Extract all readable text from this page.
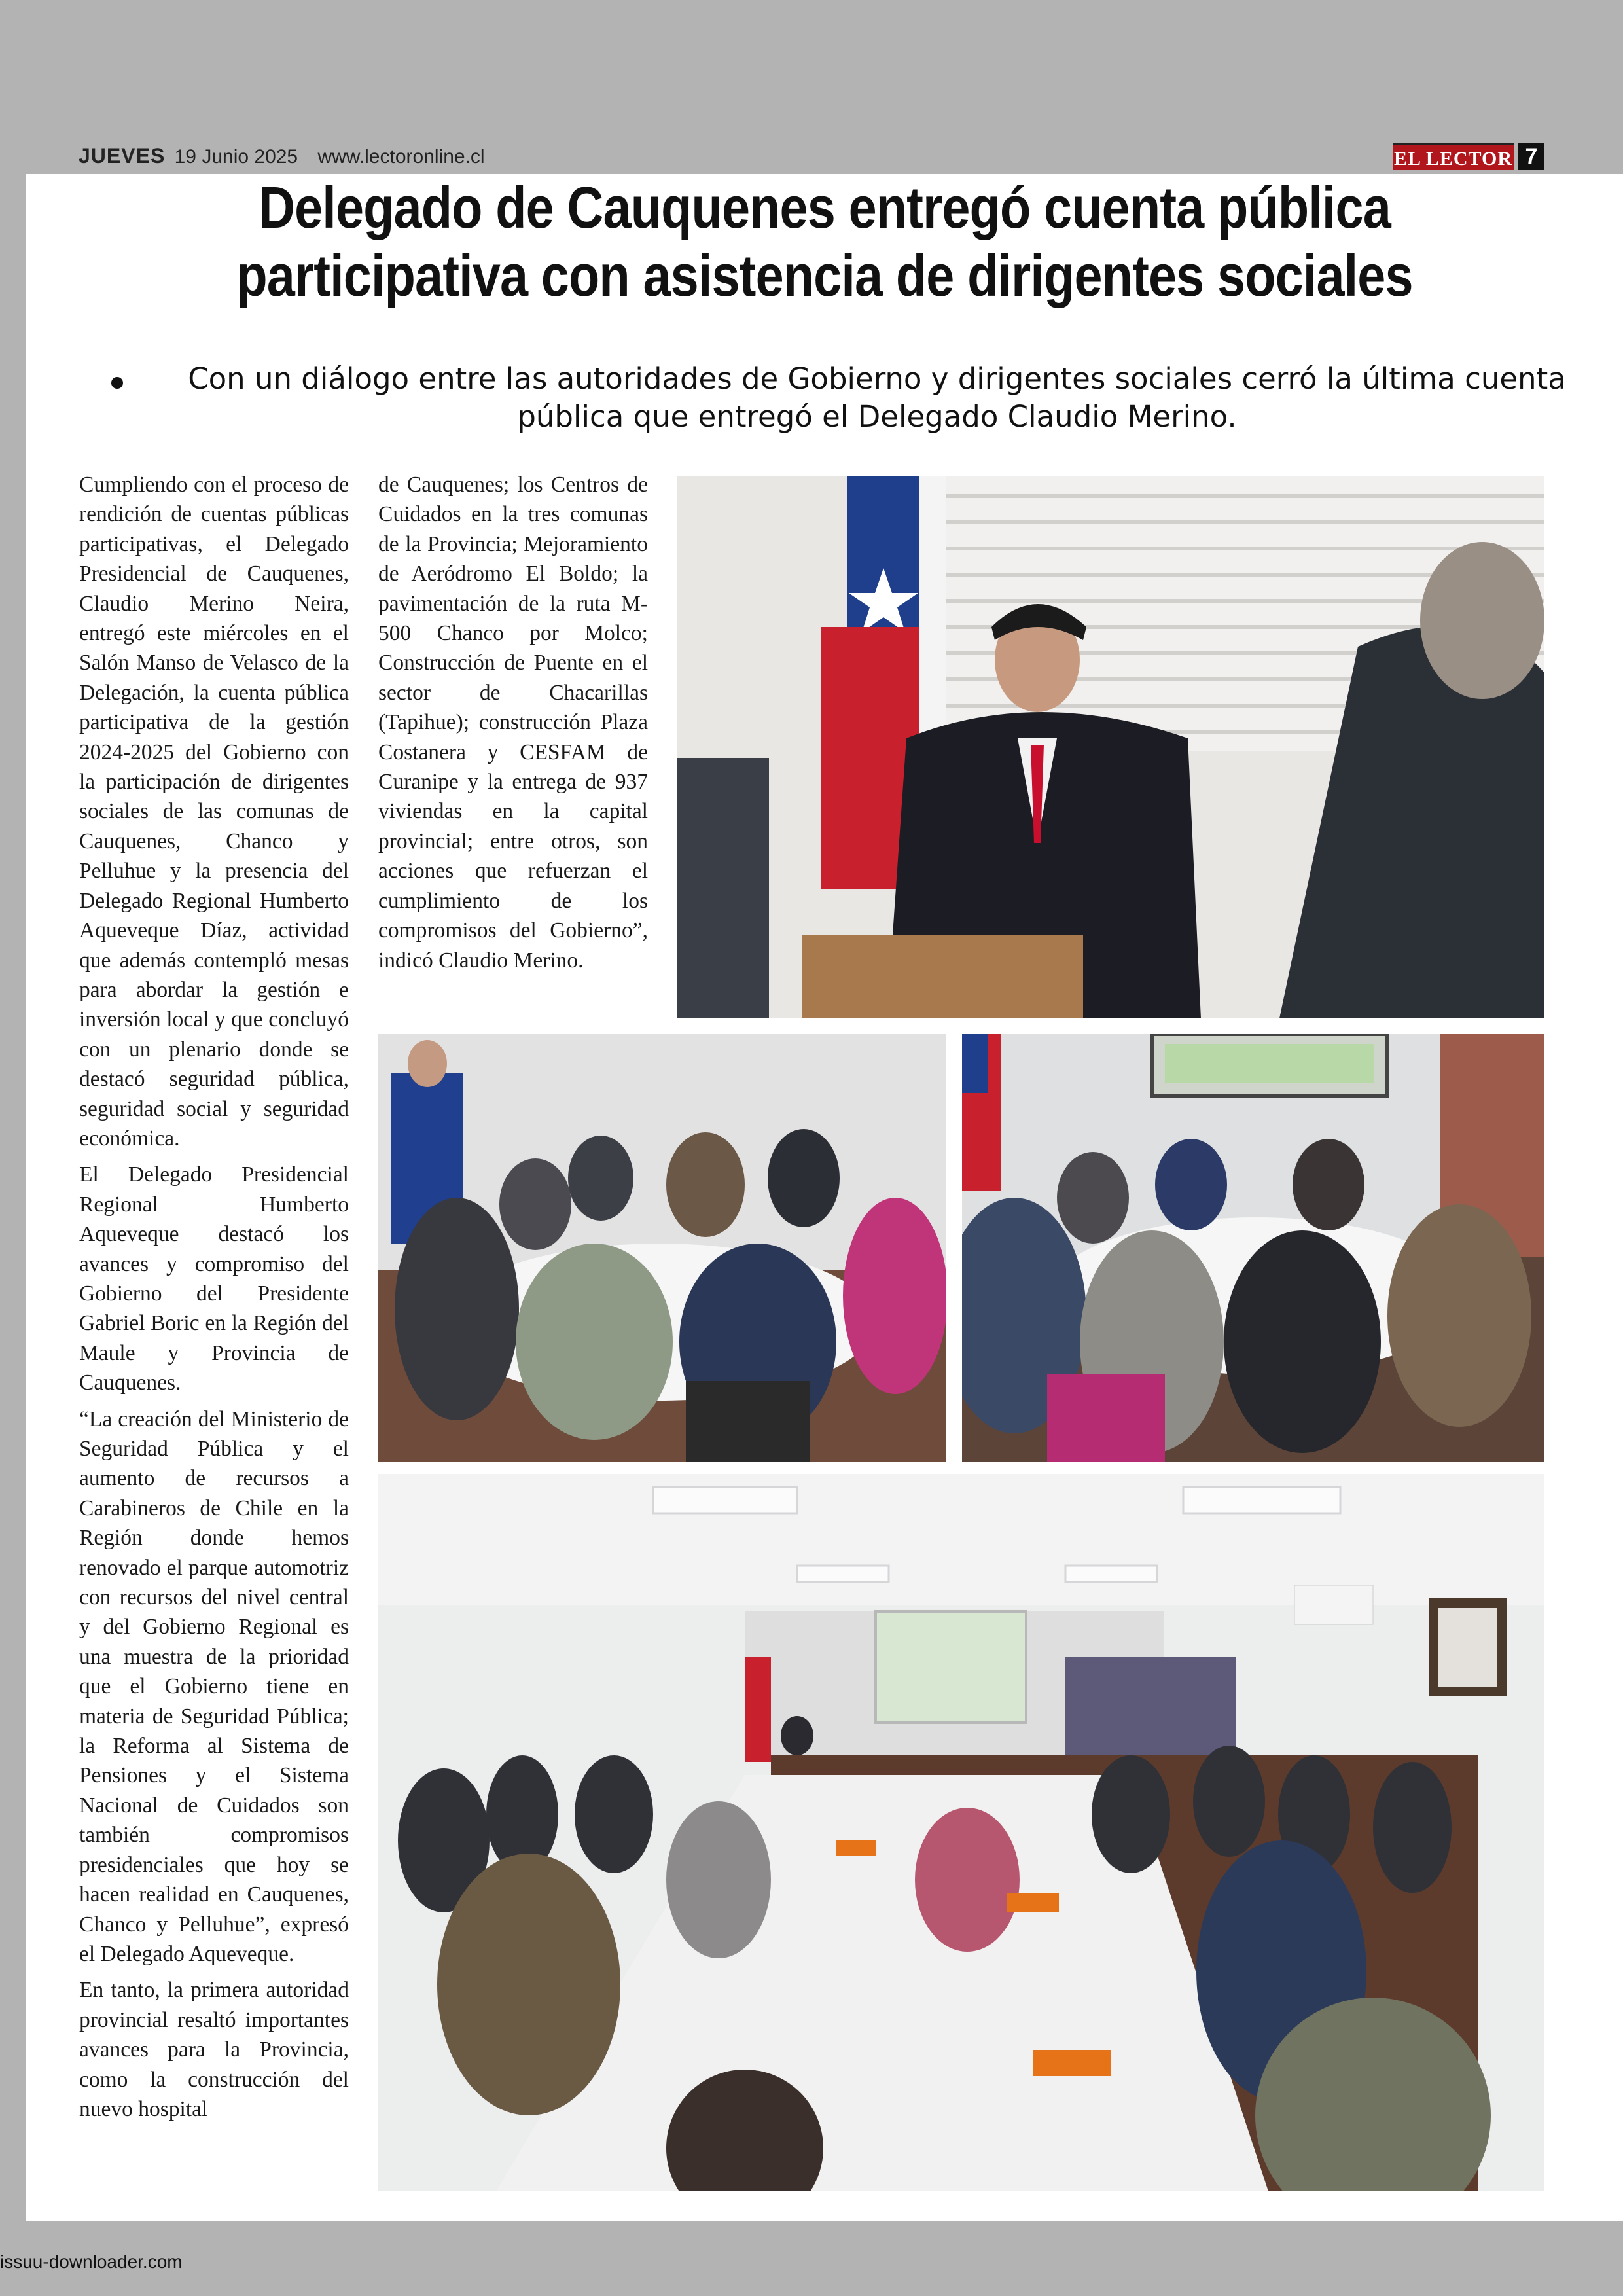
JUEVES 19 Junio 2025 www.lectoronline.cl	EL LECTOR 7
Delegado de Cauquenes entregó cuenta pública
participativa con asistencia de dirigentes sociales
Con un diálogo entre las autoridades de Gobierno y dirigentes sociales cerró la última cuenta pública que entregó el Delegado Claudio Merino.

Cumpliendo con el proceso de rendición de cuentas públicas participativas, el Delegado Presidencial de Cauquenes, Claudio Merino Neira, entregó este miércoles en el Salón Manso de Velasco de la Delegación, la cuenta pública participativa de la gestión 2024-2025 del Gobierno con la participación de dirigentes sociales de las comunas de Cauquenes, Chanco y Pelluhue y la presencia del Delegado Regional Humberto Aqueveque Díaz, actividad que además contempló mesas para abordar la gestión e inversión local y que concluyó con un plenario donde se destacó seguridad pública, seguridad social y seguridad económica.

El Delegado Presidencial Regional Humberto Aqueveque destacó los avances y compromiso del Gobierno del Presidente Gabriel Boric en la Región del Maule y Provincia de Cauquenes.

“La creación del Ministerio de Seguridad Pública y el aumento de recursos a Carabineros de Chile en la Región donde hemos renovado el parque automotriz con recursos del nivel central y del Gobierno Regional es una muestra de la prioridad que el Gobierno tiene en materia de Seguridad Pública; la Reforma al Sistema de Pensiones y el Sistema Nacional de Cuidados son también compromisos presidenciales que hoy se hacen realidad en Cauquenes, Chanco y Pelluhue”, expresó el Delegado Aqueveque.

En tanto, la primera autoridad provincial resaltó importantes avances para la Provincia, como la construcción del nuevo hospital

de Cauquenes; los Centros de Cuidados en la tres comunas de la Provincia; Mejoramiento de Aeródromo El Boldo; la pavimentación de la ruta M-500 Chanco por Molco; Construcción de Puente en el sector de Chacarillas (Tapihue); construcción Plaza Costanera y CESFAM de Curanipe y la entrega de 937 viviendas en la capital provincial; entre otros, son acciones que refuerzan el cumplimiento de los compromisos del Gobierno”, indicó Claudio Merino.

issuu-downloader.com
